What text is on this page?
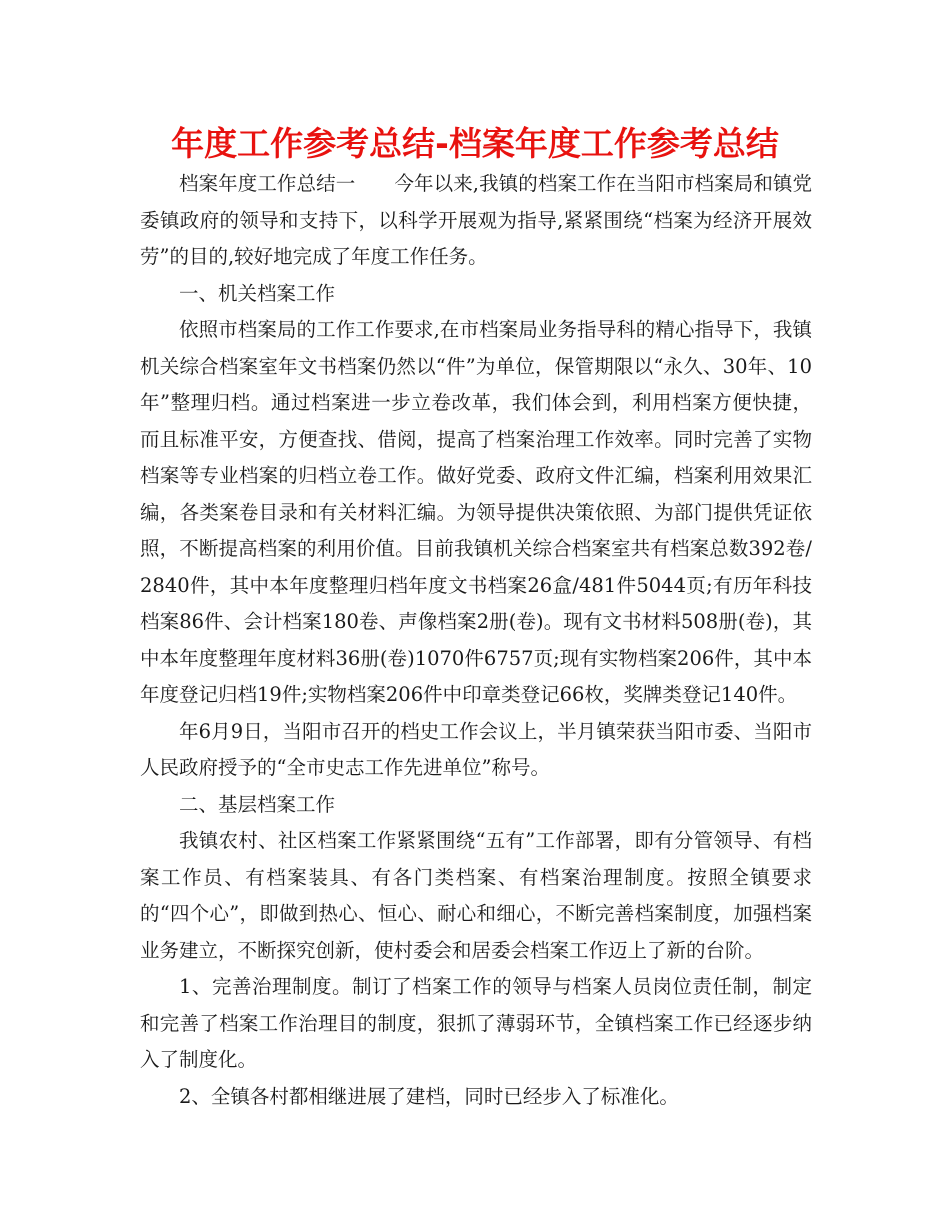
年度工作参考总结-档案年度工作参考总结

档案年度工作总结一　　今年以来,我镇的档案工作在当阳市档案局和镇党委镇政府的领导和支持下，以科学开展观为指导,紧紧围绕“档案为经济开展效劳”的目的,较好地完成了年度工作任务。

一、机关档案工作

依照市档案局的工作工作要求,在市档案局业务指导科的精心指导下，我镇机关综合档案室年文书档案仍然以“件”为单位，保管期限以“永久、30年、10年”整理归档。通过档案进一步立卷改革，我们体会到，利用档案方便快捷，而且标准平安，方便查找、借阅，提高了档案治理工作效率。同时完善了实物档案等专业档案的归档立卷工作。做好党委、政府文件汇编，档案利用效果汇编，各类案卷目录和有关材料汇编。为领导提供决策依照、为部门提供凭证依照，不断提高档案的利用价值。目前我镇机关综合档案室共有档案总数392卷/2840件，其中本年度整理归档年度文书档案26盒/481件5044页;有历年科技档案86件、会计档案180卷、声像档案2册(卷)。现有文书材料508册(卷)，其中本年度整理年度材料36册(卷)1070件6757页;现有实物档案206件，其中本年度登记归档19件;实物档案206件中印章类登记66枚，奖牌类登记140件。

年6月9日，当阳市召开的档史工作会议上，半月镇荣获当阳市委、当阳市人民政府授予的“全市史志工作先进单位”称号。

二、基层档案工作

我镇农村、社区档案工作紧紧围绕“五有”工作部署，即有分管领导、有档案工作员、有档案装具、有各门类档案、有档案治理制度。按照全镇要求的“四个心”，即做到热心、恒心、耐心和细心，不断完善档案制度，加强档案业务建立，不断探究创新，使村委会和居委会档案工作迈上了新的台阶。

1、完善治理制度。制订了档案工作的领导与档案人员岗位责任制，制定和完善了档案工作治理目的制度，狠抓了薄弱环节，全镇档案工作已经逐步纳入了制度化。

2、全镇各村都相继进展了建档，同时已经步入了标准化。
